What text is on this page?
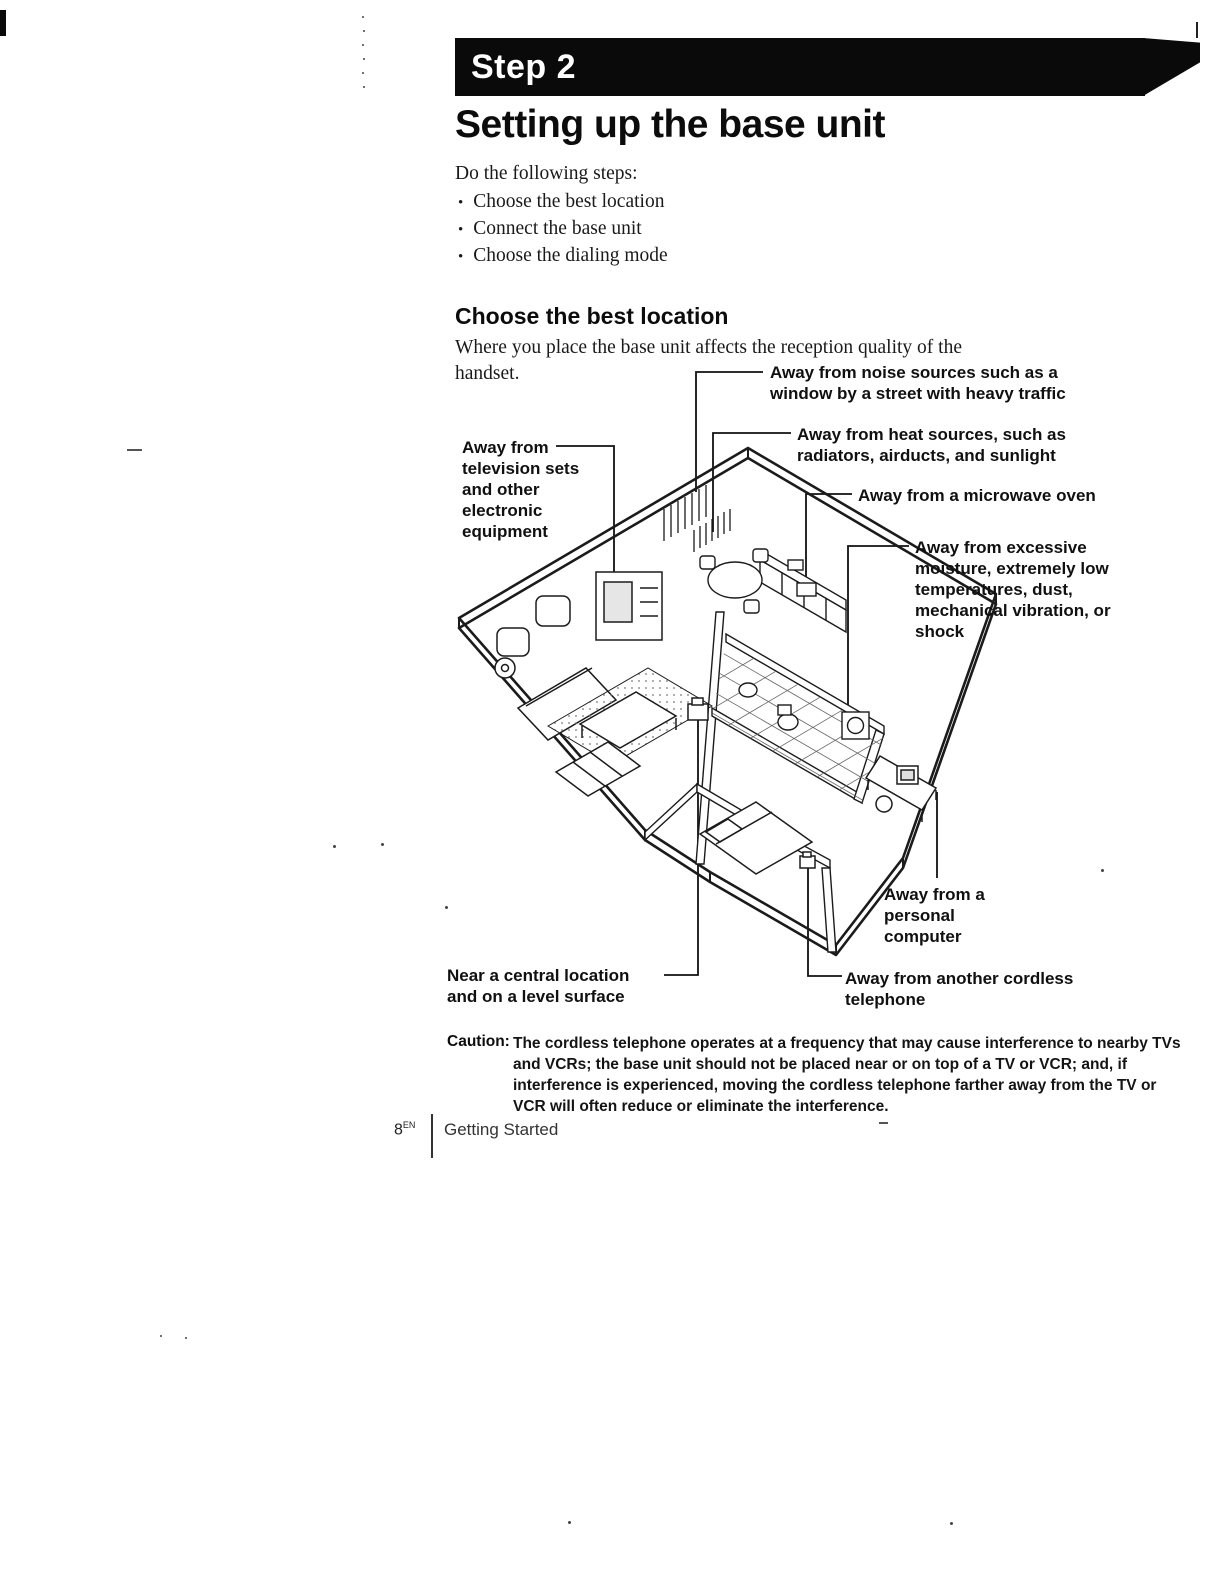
Step 2
Setting up the base unit
Do the following steps:
• Choose the best location
• Connect the base unit
• Choose the dialing mode
Choose the best location
Where you place the base unit affects the reception quality of the
handset.
Away from television sets and other electronic equipment
Away from noise sources such as a window by a street with heavy traffic
Away from heat sources, such as radiators, airducts, and sunlight
Away from a microwave oven
Away from excessive moisture, extremely low temperatures, dust, mechanical vibration, or shock
Away from a personal computer
Near a central location and on a level surface
Away from another cordless telephone
Caution: The cordless telephone operates at a frequency that may cause interference to nearby TVs and VCRs; the base unit should not be placed near or on top of a TV or VCR; and, if interference is experienced, moving the cordless telephone farther away from the TV or VCR will often reduce or eliminate the interference.
$8^{EN}$ Getting Started
